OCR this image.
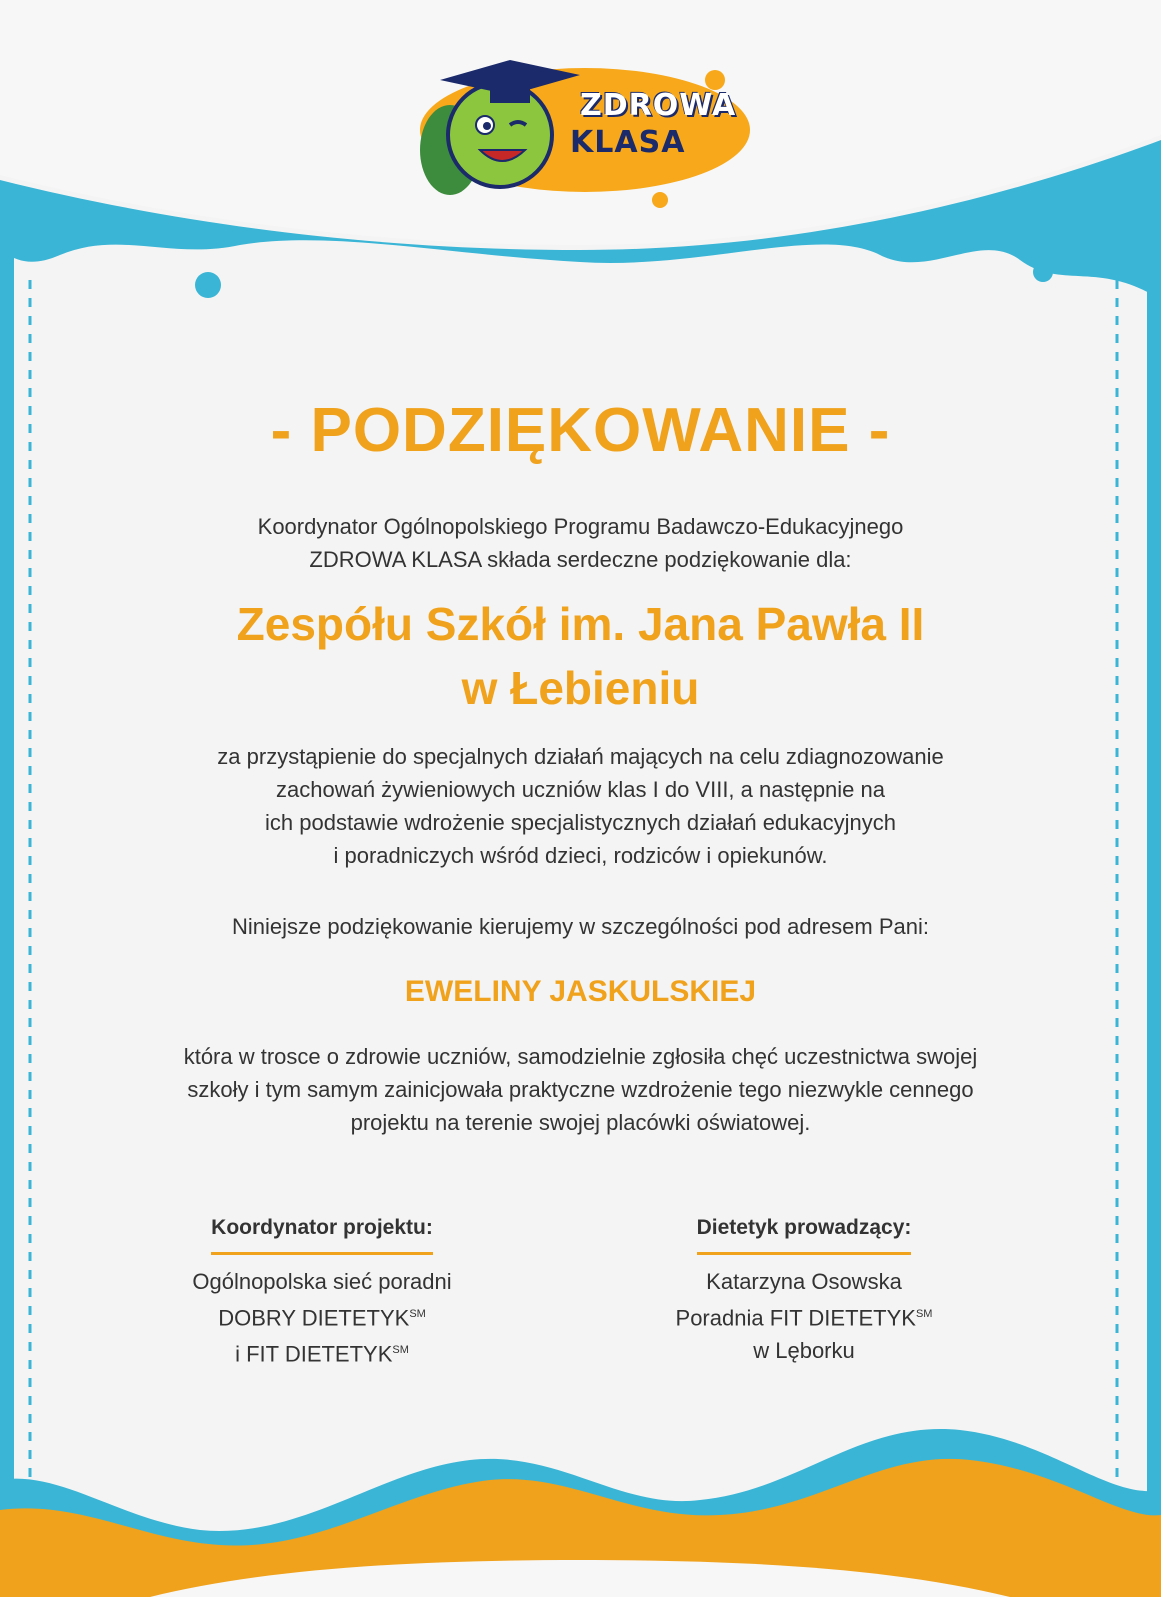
ZDROWA
KLASA
- PODZIĘKOWANIE -
Koordynator Ogólnopolskiego Programu Badawczo-Edukacyjnego
ZDROWA KLASA składa serdeczne podziękowanie dla:
Zespółu Szkół im. Jana Pawła II
w Łebieniu
za przystąpienie do specjalnych działań mających na celu zdiagnozowanie
zachowań żywieniowych uczniów klas I do VIII, a następnie na
ich podstawie wdrożenie specjalistycznych działań edukacyjnych
i poradniczych wśród dzieci, rodziców i opiekunów.
Niniejsze podziękowanie kierujemy w szczególności pod adresem Pani:
EWELINY JASKULSKIEJ
która w trosce o zdrowie uczniów, samodzielnie zgłosiła chęć uczestnictwa swojej
szkoły i tym samym zainicjowała praktyczne wzdrożenie tego niezwykle cennego
projektu na terenie swojej placówki oświatowej.
Koordynator projektu:
Ogólnopolska sieć poradni
DOBRY DIETETYK℠
i FIT DIETETYK℠
Dietetyk prowadzący:
Katarzyna Osowska
Poradnia FIT DIETETYK℠
w Lęborku
